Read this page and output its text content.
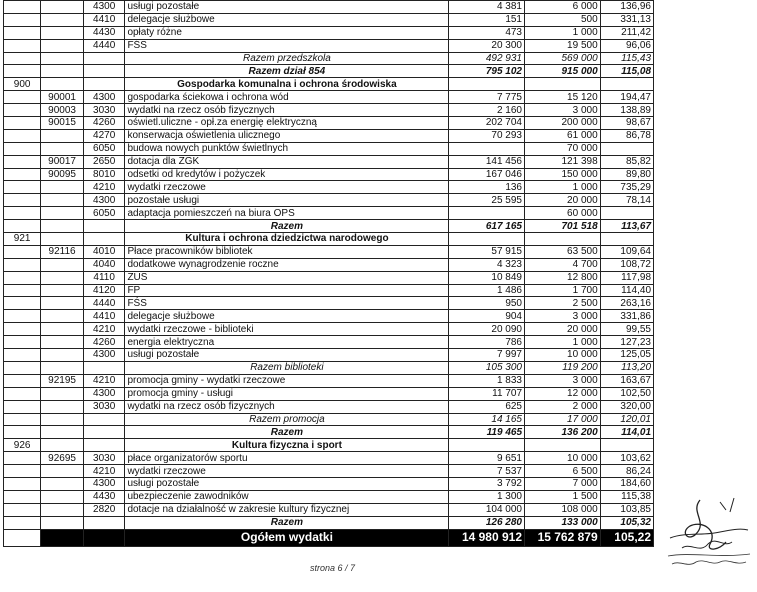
		4300	usługi pozostałe	4 381	6 000	136,96
		4410	delegacje służbowe	151	500	331,13
		4430	opłaty różne	473	1 000	211,42
		4440	FŚS	20 300	19 500	96,06
			Razem przedszkola	492 931	569 000	115,43
			Razem dział 854	795 102	915 000	115,08
900			Gospodarka komunalna i ochrona środowiska			
	90001	4300	gospodarka ściekowa i ochrona wód	7 775	15 120	194,47
	90003	3030	wydatki na rzecz osób fizycznych	2 160	3 000	138,89
	90015	4260	oświetl.uliczne - opł.za energię elektryczną	202 704	200 000	98,67
		4270	konserwacja oświetlenia ulicznego	70 293	61 000	86,78
		6050	budowa nowych punktów świetlnych		70 000	
	90017	2650	dotacja dla ZGK	141 456	121 398	85,82
	90095	8010	odsetki od kredytów i pożyczek	167 046	150 000	89,80
		4210	wydatki rzeczowe	136	1 000	735,29
		4300	pozostałe usługi	25 595	20 000	78,14
		6050	adaptacja pomieszczeń na biura OPS		60 000	
			Razem	617 165	701 518	113,67
921			Kultura i ochrona dziedzictwa narodowego			
	92116	4010	Płace pracowników bibliotek	57 915	63 500	109,64
		4040	dodatkowe wynagrodzenie roczne	4 323	4 700	108,72
		4110	ZUS	10 849	12 800	117,98
		4120	FP	1 486	1 700	114,40
		4440	FŚS	950	2 500	263,16
		4410	delegacje służbowe	904	3 000	331,86
		4210	wydatki rzeczowe - biblioteki	20 090	20 000	99,55
		4260	energia elektryczna	786	1 000	127,23
		4300	usługi pozostałe	7 997	10 000	125,05
			Razem biblioteki	105 300	119 200	113,20
	92195	4210	promocja gminy - wydatki rzeczowe	1 833	3 000	163,67
		4300	promocja gminy - usługi	11 707	12 000	102,50
		3030	wydatki na rzecz osób fizycznych	625	2 000	320,00
			Razem promocja	14 165	17 000	120,01
			Razem	119 465	136 200	114,01
926			Kultura fizyczna i sport			
	92695	3030	płace organizatorów sportu	9 651	10 000	103,62
		4210	wydatki rzeczowe	7 537	6 500	86,24
		4300	usługi pozostałe	3 792	7 000	184,60
		4430	ubezpieczenie zawodników	1 300	1 500	115,38
		2820	dotacje na działalność w zakresie kultury fizycznej	104 000	108 000	103,85
			Razem	126 280	133 000	105,32
			Ogółem wydatki	14 980 912	15 762 879	105,22
strona 6 / 7
